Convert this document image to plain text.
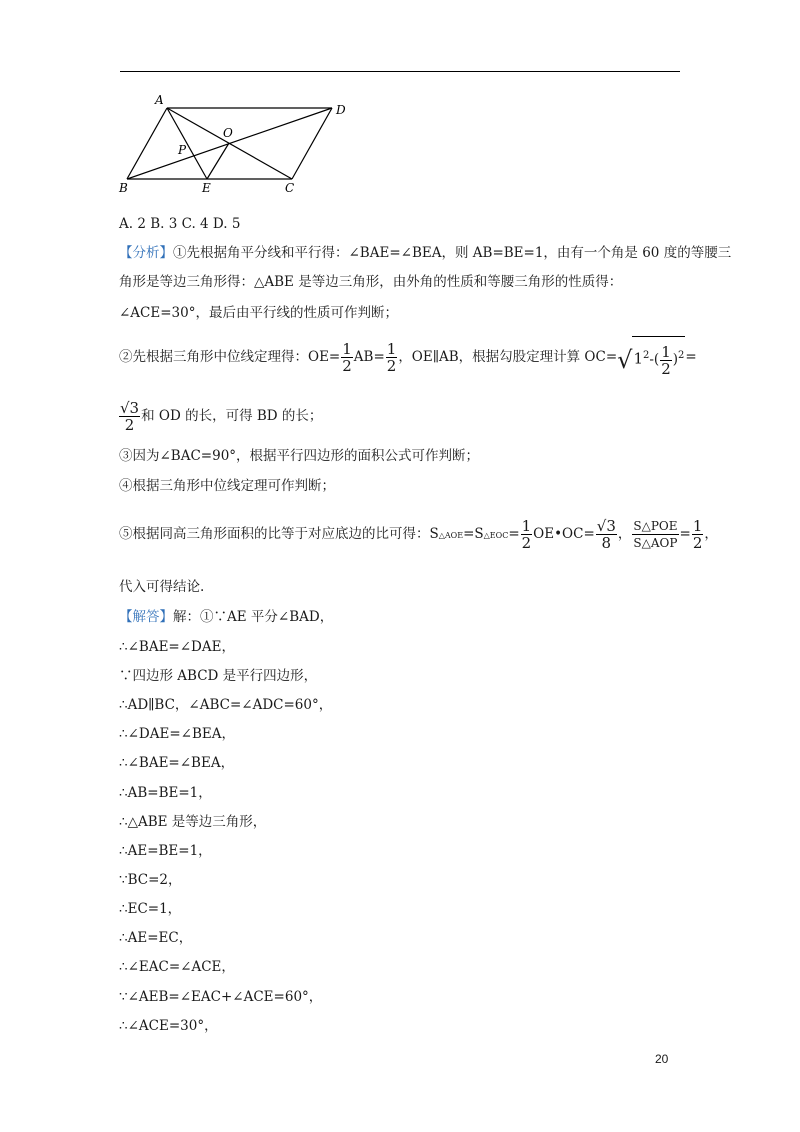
A
D
O
P
B	E	C
A. 2 B. 3 C. 4 D. 5
【分析】①先根据角平分线和平行得：∠BAE=∠BEA，则 AB=BE=1，由有一个角是 60 度的等腰三
角形是等边三角形得：△ABE 是等边三角形，由外角的性质和等腰三角形的性质得：
∠ACE=30°，最后由平行线的性质可作判断；
②先根据三角形中位线定理得：$OE= \frac{1}{2} AB= \frac{1}{2}$ ，OE∥AB，根据勾股定理计算 $OC=√1^2-( \frac{1}{2} )^2=$
$\frac{√3}{2}$ 和 OD 的长，可得 BD 的长；
③因为∠BAC=90°，根据平行四边形的面积公式可作判断；
④根据三角形中位线定理可作判断；
⑤根据同高三角形面积的比等于对应底边的比可得：S△AOE=S△EOC= $\frac{1}{2}$ OE•OC= $\frac{√3}{8}$ ， $\frac{\text{S△POE}}{\text{S△AOP}} = \frac{1}{2}$ ，
代入可得结论.
【解答】解：①∵AE 平分∠BAD，
∴∠BAE=∠DAE，
∵四边形 ABCD 是平行四边形，
∴AD∥BC，∠ABC=∠ADC=60°，
∴∠DAE=∠BEA，
∴∠BAE=∠BEA，
∴AB=BE=1，
∴△ABE 是等边三角形，
∴AE=BE=1，
∵BC=2，
∴EC=1，
∴AE=EC，
∴∠EAC=∠ACE，
∵∠AEB=∠EAC+∠ACE=60°，
∴∠ACE=30°，
20
